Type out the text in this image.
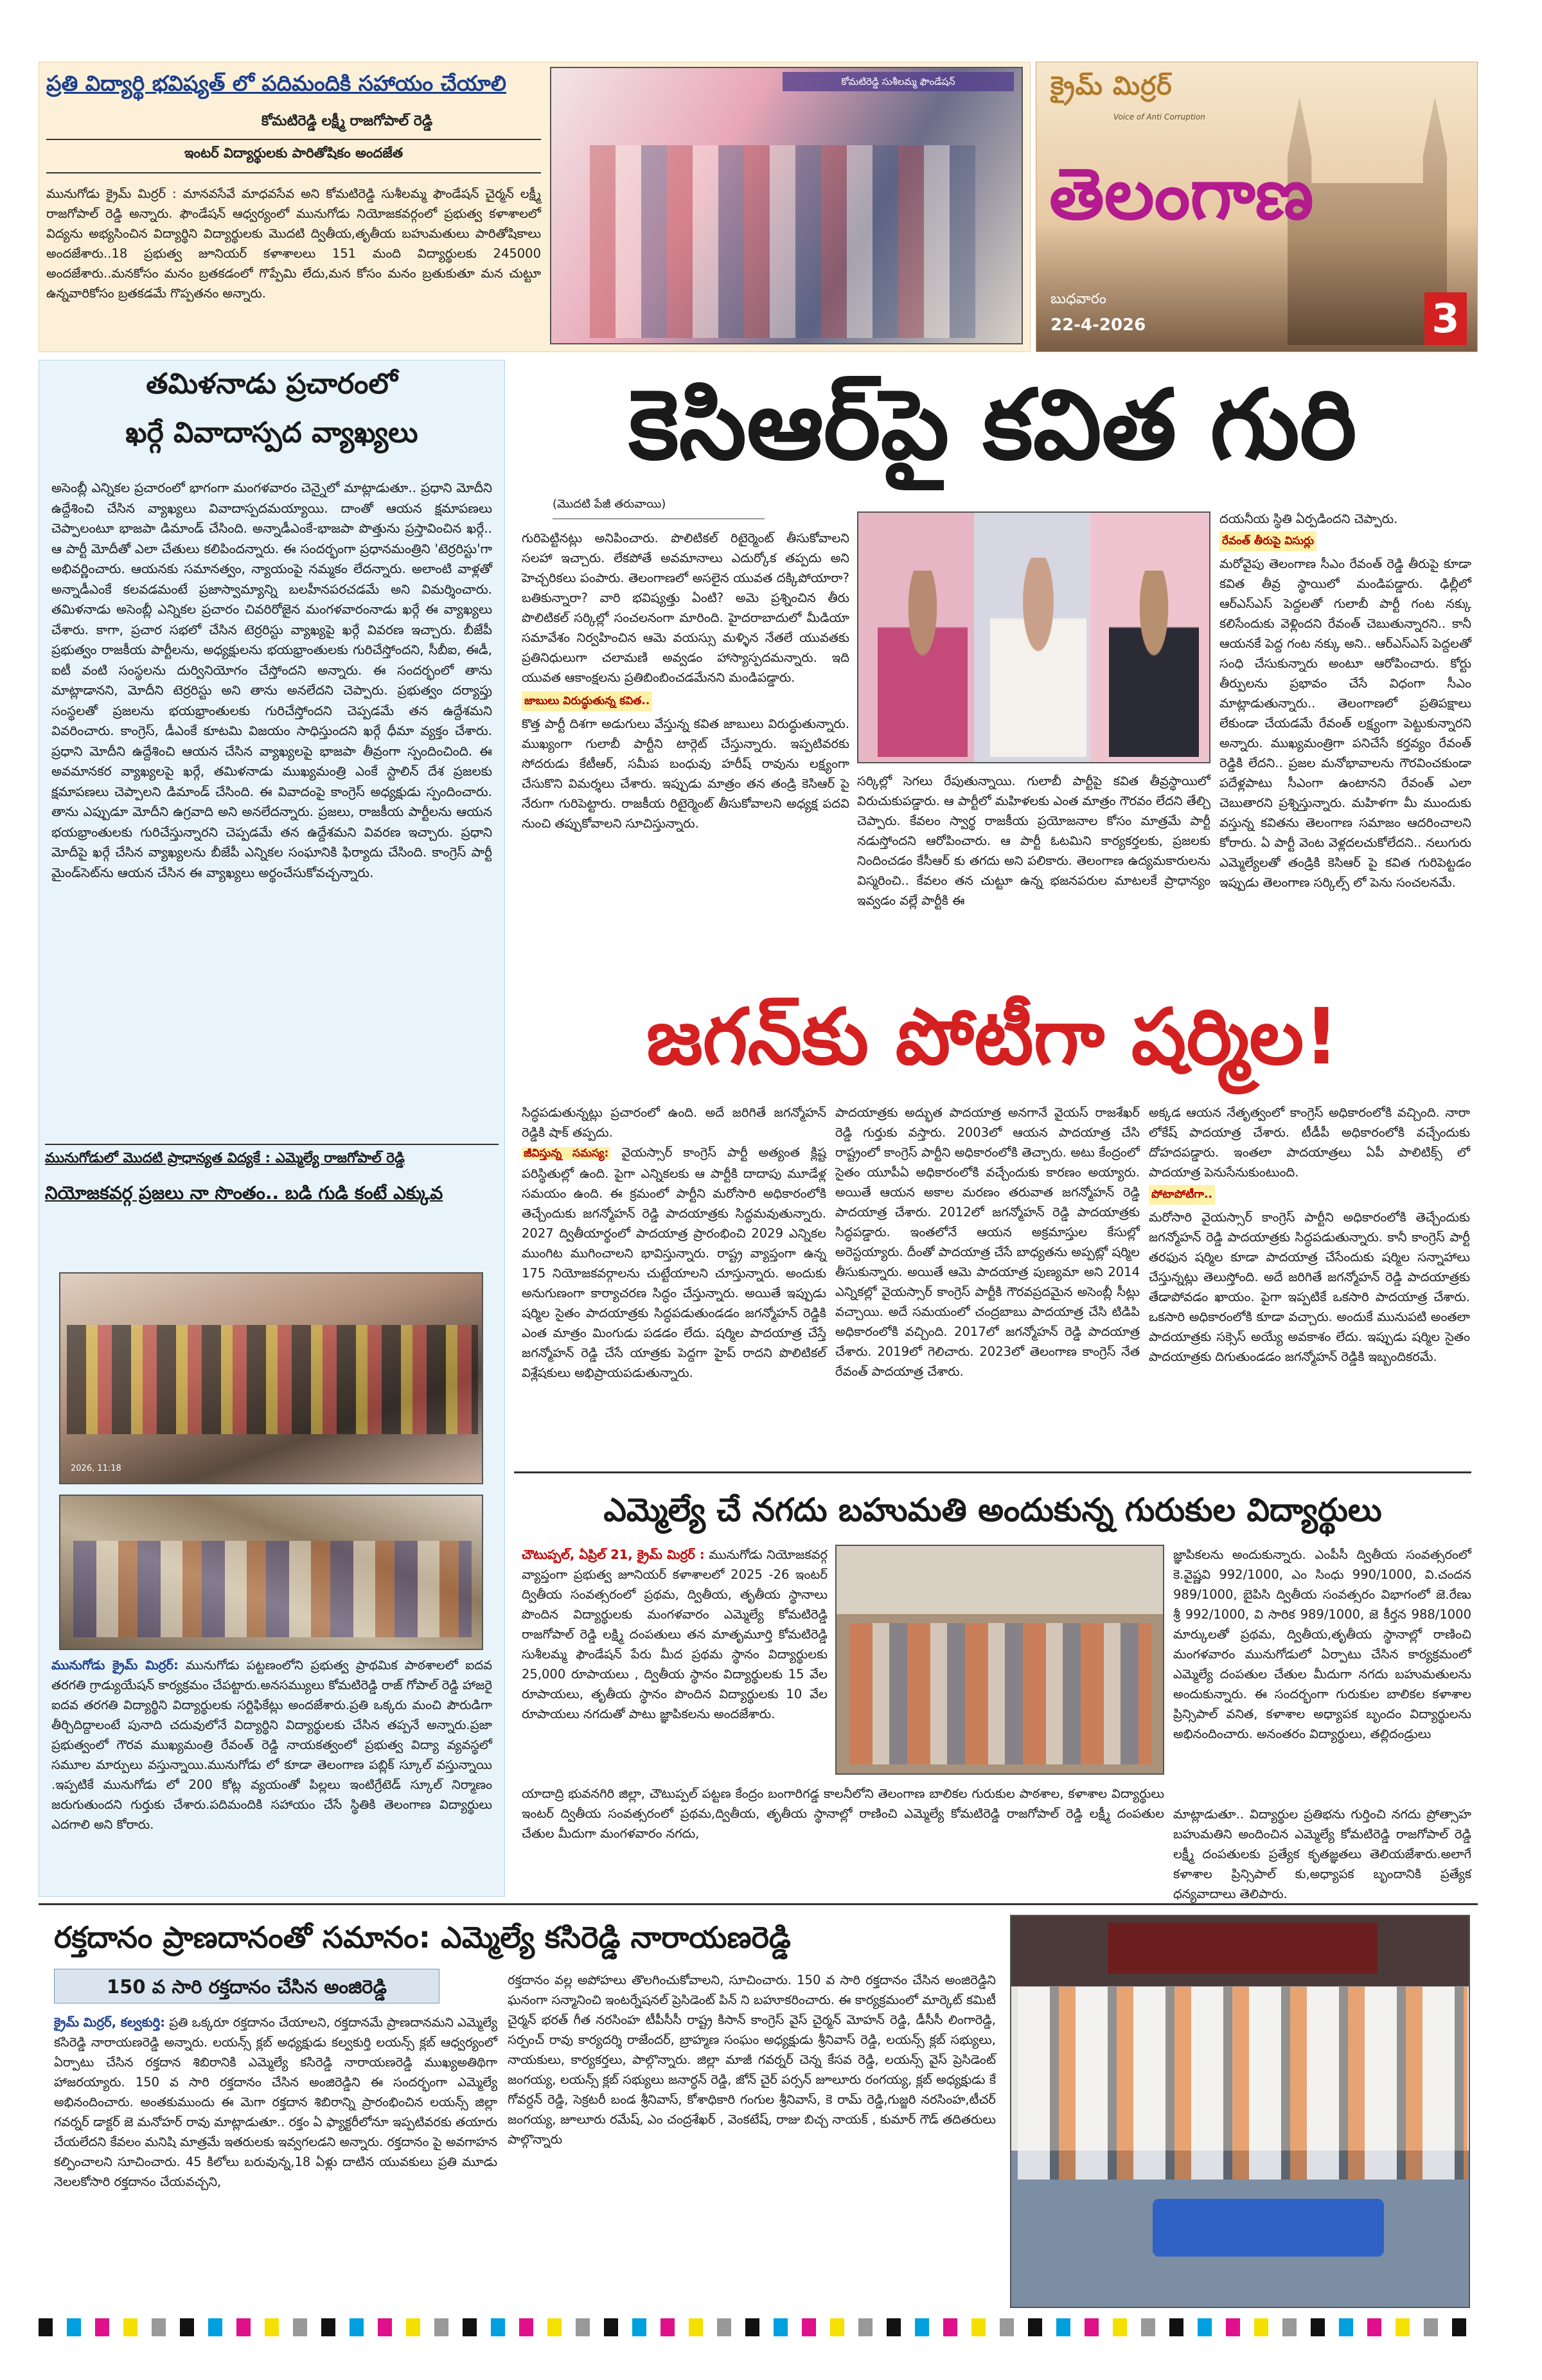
ప్రతి విద్యార్థి భవిష్యత్ లో పదిమందికి సహాయం చేయాలి
కోమటిరెడ్డి లక్ష్మీ రాజగోపాల్ రెడ్డి
ఇంటర్ విద్యార్థులకు పారితోషికం అందజేత
మునుగోడు క్రైమ్ మిర్రర్ : మానవసేవే మాధవసేవ అని కోమటిరెడ్డి సుశీలమ్మ ఫౌండేషన్ చైర్మన్ లక్ష్మీ రాజగోపాల్ రెడ్డి అన్నారు. ఫౌండేషన్ ఆధ్వర్యంలో మునుగోడు నియోజకవర్గంలో ప్రభుత్వ కళాశాలలో విద్యను అభ్యసించిన విద్యార్థిని విద్యార్థులకు మొదటి ద్వితీయ,తృతీయ బహుమతులు పారితోషికాలు అందజేశారు..18 ప్రభుత్వ జూనియర్ కళాశాలలు 151 మంది విద్యార్థులకు 245000 అందజేశారు..మనకోసం మనం బ్రతకడంలో గొప్పేమి లేదు,మన కోసం మనం బ్రతుకుతూ మన చుట్టూ ఉన్నవారికోసం బ్రతకడమే గొప్పతనం అన్నారు.
కోమటిరెడ్డి సుశీలమ్మ ఫౌండేషన్	క్రైమ్ మిర్రర్
Voice of Anti Corruption
తెలంగాణ
బుధవారం
22-4-2026	3
తమిళనాడు ప్రచారంలో
ఖర్గే వివాదాస్పద వ్యాఖ్యలు
అసెంబ్లీ ఎన్నికల ప్రచారంలో భాగంగా మంగళవారం చెన్నైలో మాట్లాడుతూ.. ప్రధాని మోదీని ఉద్దేశించి చేసిన వ్యాఖ్యలు వివాదాస్పదమయ్యాయి. దాంతో ఆయన క్షమాపణలు చెప్పాలంటూ భాజపా డిమాండ్ చేసింది. అన్నాడీఎంకే-భాజపా పొత్తును ప్రస్తావించిన ఖర్గే.. ఆ పార్టీ మోదీతో ఎలా చేతులు కలిపిందన్నారు. ఈ సందర్భంగా ప్రధానమంత్రిని 'టెర్రరిస్టు'గా అభివర్ణించారు. ఆయనకు సమానత్వం, న్యాయంపై నమ్మకం లేదన్నారు. అలాంటి వాళ్లతో అన్నాడీఎంకే కలవడమంటే ప్రజాస్వామ్యాన్ని బలహీనపరచడమే అని విమర్శించారు. తమిళనాడు అసెంబ్లీ ఎన్నికల ప్రచారం చివరిరోజైన మంగళవారంనాడు ఖర్గే ఈ వ్యాఖ్యలు చేశారు. కాగా, ప్రచార సభలో చేసిన టెర్రరిస్టు వ్యాఖ్యపై ఖర్గే వివరణ ఇచ్చారు. బీజేపీ ప్రభుత్వం రాజకీయ పార్టీలను, అధ్యక్షులను భయభ్రాంతులకు గురిచేస్తోందని, సీబీఐ, ఈడీ, ఐటీ వంటి సంస్థలను దుర్వినియోగం చేస్తోందని అన్నారు. ఈ సందర్భంలో తాను మాట్లాడానని, మోదీని టెర్రరిస్టు అని తాను అనలేదని చెప్పారు. ప్రభుత్వం దర్యాప్తు సంస్థలతో ప్రజలను భయభ్రాంతులకు గురిచేస్తోందని చెప్పడమే తన ఉద్దేశమని వివరించారు. కాంగ్రెస్, డీఎంకే కూటమి విజయం సాధిస్తుందని ఖర్గే ధీమా వ్యక్తం చేశారు. ప్రధాని మోదీని ఉద్దేశించి ఆయన చేసిన వ్యాఖ్యలపై భాజపా తీవ్రంగా స్పందించింది. ఈ అవమానకర వ్యాఖ్యలపై ఖర్గే, తమిళనాడు ముఖ్యమంత్రి ఎంకే స్టాలిన్ దేశ ప్రజలకు క్షమాపణలు చెప్పాలని డిమాండ్ చేసింది. ఈ వివాదంపై కాంగ్రెస్ అధ్యక్షుడు స్పందించారు. తాను ఎప్పుడూ మోదీని ఉగ్రవాది అని అనలేదన్నారు. ప్రజలు, రాజకీయ పార్టీలను ఆయన భయభ్రాంతులకు గురిచేస్తున్నారని చెప్పడమే తన ఉద్దేశమని వివరణ ఇచ్చారు. ప్రధాని మోదీపై ఖర్గే చేసిన వ్యాఖ్యలను బీజేపీ ఎన్నికల సంఘానికి ఫిర్యాదు చేసింది. కాంగ్రెస్ పార్టీ మైండ్‌సెట్‌ను ఆయన చేసిన ఈ వ్యాఖ్యలు అర్థంచేసుకోవచ్చన్నారు.
మునుగోడులో మొదటి ప్రాధాన్యత విద్యకే : ఎమ్మెల్యే రాజగోపాల్ రెడ్డి
నియోజకవర్గ ప్రజలు నా సొంతం.. బడి గుడి కంటే ఎక్కువ
2026, 11:18
మునుగోడు క్రైమ్ మిర్రర్: మునుగోడు పట్టణంలోని ప్రభుత్వ ప్రాథమిక పాఠశాలలో ఐదవ తరగతి గ్రాడ్యుయేషన్ కార్యక్రమం చేపట్టారు.అనసమ్యులు కోమటిరెడ్డి రాజ్ గోపాల్ రెడ్డి హాజరై ఐదవ తరగతి విద్యార్థిని విద్యార్థులకు సర్టిఫికేట్లు అందజేశారు.ప్రతి ఒక్కరు మంచి పౌరుడిగా తీర్చిదిద్దాలంటే పునాది చదువులోనే విద్యార్థిని విద్యార్థులకు చేసిన తప్పనే అన్నారు.ప్రజా ప్రభుత్వంలో గౌరవ ముఖ్యమంత్రి రేవంత్ రెడ్డి నాయకత్వంలో ప్రభుత్వ విద్యా వ్యవస్థలో సమూల మార్పులు వస్తున్నాయి.మునుగోడు లో కూడా తెలంగాణ పబ్లిక్ స్కూల్ వస్తున్నాయి .ఇప్పటికే మునుగోడు లో 200 కోట్ల వ్యయంతో పిల్లలు ఇంటిగ్రేటెడ్ స్కూల్ నిర్మాణం జరుగుతుందని గుర్తుకు చేశారు.పదిమందికి సహాయం చేసే స్థితికి తెలంగాణ విద్యార్థులు ఎదగాలి అని కోరారు.
కెసిఆర్‌పై కవిత గురి
(మొదటి పేజీ తరువాయి)
గురిపెట్టినట్లు అనిపించారు. పొలిటికల్ రిటైర్మెంట్ తీసుకోవాలని సలహా ఇచ్చారు. లేకపోతే అవమానాలు ఎదుర్కోక తప్పదు అని హెచ్చరికలు పంపారు. తెలంగాణలో అసలైన యువత దక్కిపోయారా? బతికున్నారా? వారి భవిష్యత్తు ఏంటి? అమె ప్రశ్నించిన తీరు పొలిటికల్ సర్కిల్లో సంచలనంగా మారింది. హైదరాబాదులో మీడియా సమావేశం నిర్వహించిన ఆమె వయస్సు మళ్ళిన నేతలే యువతకు ప్రతినిధులుగా చలామణి అవ్వడం హాస్యాస్పదమన్నారు. ఇది యువత ఆకాంక్షలను ప్రతిబింబించడమేనని మండిపడ్డారు.
జాబులు విరుద్ధుతున్న కవిత..
కొత్త పార్టీ దిశగా అడుగులు వేస్తున్న కవిత జాబులు విరుద్ధుతున్నారు. ముఖ్యంగా గులాబీ పార్టీని టార్గెట్ చేస్తున్నారు. ఇప్పటివరకు సోదరుడు కేటీఆర్, సమీప బంధువు హరీష్ రావును లక్ష్యంగా చేసుకొని విమర్శలు చేశారు. ఇప్పుడు మాత్రం తన తండ్రి కెసిఆర్ పై నేరుగా గురిపెట్టారు. రాజకీయ రిటైర్మెంట్ తీసుకోవాలని అధ్యక్ష పదవి నుంచి తప్పుకోవాలని సూచిస్తున్నారు.
సర్కిల్లో సెగలు రేపుతున్నాయి. గులాబీ పార్టీపై కవిత తీవ్రస్థాయిలో విరుచుకుపడ్డారు. ఆ పార్టీలో మహిళలకు ఎంత మాత్రం గౌరవం లేదని తేల్చి చెప్పారు. కేవలం స్వార్థ రాజకీయ ప్రయోజనాల కోసం మాత్రమే పార్టీ నడుస్తోందని ఆరోపించారు. ఆ పార్టీ ఓటమిని కార్యకర్తలకు, ప్రజలకు నిందించడం కేసీఆర్ కు తగదు అని పలికారు. తెలంగాణ ఉద్యమకారులను విస్మరించి.. కేవలం తన చుట్టూ ఉన్న భజనపరుల మాటలకే ప్రాధాన్యం ఇవ్వడం వల్లే పార్టీకి ఈ
దయనీయ స్థితి ఏర్పడిందని చెప్పారు.
రేవంత్ తీరుపై విసుర్లు
మరోవైపు తెలంగాణ సీఎం రేవంత్ రెడ్డి తీరుపై కూడా కవిత తీవ్ర స్థాయిలో మండిపడ్డారు. ఢిల్లీలో ఆర్ఎస్ఎస్ పెద్దలతో గులాబీ పార్టీ గంట నక్కు కలిసేందుకు వెళ్లిందని రేవంత్ చెబుతున్నారని.. కానీ ఆయనకే పెద్ద గంట నక్కు అని.. ఆర్ఎస్ఎస్ పెద్దలతో సంధి చేసుకున్నారు అంటూ ఆరోపించారు. కోర్టు తీర్పులను ప్రభావం చేసే విధంగా సీఎం మాట్లాడుతున్నారు.. తెలంగాణలో ప్రతిపక్షాలు లేకుండా చేయడమే రేవంత్ లక్ష్యంగా పెట్టుకున్నారని అన్నారు. ముఖ్యమంత్రిగా పనిచేసే కర్తవ్యం రేవంత్ రెడ్డికి లేదని.. ప్రజల మనోభావాలను గౌరవించకుండా పదేళ్లపాటు సీఎంగా ఉంటానని రేవంత్ ఎలా చెబుతారని ప్రశ్నిస్తున్నారు. మహిళగా మీ ముందుకు వస్తున్న కవితను తెలంగాణ సమాజం ఆదరించాలని కోరారు. ఏ పార్టీ వెంట వెళ్లదలచుకోలేదని.. నలుగురు ఎమ్మెల్యేలతో తండ్రికి కెసిఆర్ పై కవిత గురిపెట్టడం ఇప్పుడు తెలంగాణ సర్కిల్స్ లో పెను సంచలనమే.
జగన్‌కు పోటీగా షర్మిల!
సిద్ధపడుతున్నట్లు ప్రచారంలో ఉంది. అదే జరిగితే జగన్మోహన్ రెడ్డికి షాక్ తప్పదు.
జీవిస్తున్న సమస్య: వైయస్సార్ కాంగ్రెస్ పార్టీ అత్యంత క్లిష్ట పరిస్థితుల్లో ఉంది. పైగా ఎన్నికలకు ఆ పార్టీకి దాదాపు మూడేళ్ల సమయం ఉంది. ఈ క్రమంలో పార్టీని మరోసారి అధికారంలోకి తెచ్చేందుకు జగన్మోహన్ రెడ్డి పాదయాత్రకు సిద్ధమవుతున్నారు. 2027 ద్వితీయార్థంలో పాదయాత్ర ప్రారంభించి 2029 ఎన్నికల ముంగిట ముగించాలని భావిస్తున్నారు. రాష్ట్ర వ్యాప్తంగా ఉన్న 175 నియోజకవర్గాలను చుట్టేయాలని చూస్తున్నారు. అందుకు అనుగుణంగా కార్యాచరణ సిద్ధం చేస్తున్నారు. అయితే ఇప్పుడు షర్మిల సైతం పాదయాత్రకు సిద్ధపడుతుండడం జగన్మోహన్ రెడ్డికి ఎంత మాత్రం మింగుడు పడడం లేదు. షర్మిల పాదయాత్ర చేస్తే జగన్మోహన్ రెడ్డి చేసే యాత్రకు పెద్దగా హైప్ రాదని పొలిటికల్ విశ్లేషకులు అభిప్రాయపడుతున్నారు.
పాదయాత్రకు అద్భుత పాదయాత్ర అనగానే వైయస్ రాజశేఖర్ రెడ్డి గుర్తుకు వస్తారు. 2003లో ఆయన పాదయాత్ర చేసి రాష్ట్రంలో కాంగ్రెస్ పార్టీని అధికారంలోకి తెచ్చారు. అటు కేంద్రంలో సైతం యూపీఏ అధికారంలోకి వచ్చేందుకు కారణం అయ్యారు. అయితే ఆయన అకాల మరణం తరువాత జగన్మోహన్ రెడ్డి పాదయాత్ర చేశారు. 2012లో జగన్మోహన్ రెడ్డి పాదయాత్రకు సిద్ధపడ్డారు. ఇంతలోనే ఆయన అక్రమాస్తుల కేసుల్లో అరెస్టయ్యారు. దీంతో పాదయాత్ర చేసే బాధ్యతను అప్పట్లో షర్మిల తీసుకున్నారు. అయితే ఆమె పాదయాత్ర పుణ్యమా అని 2014 ఎన్నికల్లో వైయస్సార్ కాంగ్రెస్ పార్టీకి గౌరవప్రదమైన అసెంబ్లీ సీట్లు వచ్చాయి. అదే సమయంలో చంద్రబాబు పాదయాత్ర చేసి టిడిపి అధికారంలోకి వచ్చింది. 2017లో జగన్మోహన్ రెడ్డి పాదయాత్ర చేశారు. 2019లో గెలిచారు. 2023లో తెలంగాణ కాంగ్రెస్ నేత రేవంత్ పాదయాత్ర చేశారు.
అక్కడ ఆయన నేతృత్వంలో కాంగ్రెస్ అధికారంలోకి వచ్చింది. నారా లోకేష్ పాదయాత్ర చేశారు. టీడీపీ అధికారంలోకి వచ్చేందుకు దోహదపడ్డారు. ఇంతలా పాదయాత్రలు ఏపీ పాలిటిక్స్ లో పాదయాత్ర పెనుసేనుకుంటుంది.
పోటాపోటీగా..
మరోసారి వైయస్సార్ కాంగ్రెస్ పార్టీని అధికారంలోకి తెచ్చేందుకు జగన్మోహన్ రెడ్డి పాదయాత్రకు సిద్ధపడుతున్నారు. కానీ కాంగ్రెస్ పార్టీ తరఫున షర్మిల కూడా పాదయాత్ర చేసేందుకు షర్మిల సన్నాహాలు చేస్తున్నట్లు తెలుస్తోంది. అదే జరిగితే జగన్మోహన్ రెడ్డి పాదయాత్రకు తేడాపోవడం ఖాయం. పైగా ఇప్పటికే ఒకసారి పాదయాత్ర చేశారు. ఒకసారి అధికారంలోకి కూడా వచ్చారు. అందుకే మునుపటి అంతలా పాదయాత్రకు సక్సెస్ అయ్యే అవకాశం లేదు. ఇప్పుడు షర్మిల సైతం పాదయాత్రకు దిగుతుండడం జగన్మోహన్ రెడ్డికి ఇబ్బందికరమే.
ఎమ్మెల్యే చే నగదు బహుమతి అందుకున్న గురుకుల విద్యార్థులు
చౌటుప్పల్, ఏప్రిల్ 21, క్రైమ్ మిర్రర్ : మునుగోడు నియోజకవర్గ వ్యాప్తంగా ప్రభుత్వ జూనియర్ కళాశాలలో 2025 -26 ఇంటర్ ద్వితీయ సంవత్సరంలో ప్రథమ, ద్వితీయ, తృతీయ స్థానాలు పొందిన విద్యార్థులకు మంగళవారం ఎమ్మెల్యే కోమటిరెడ్డి రాజగోపాల్ రెడ్డి లక్ష్మి దంపతులు తన మాతృమూర్తి కోమటిరెడ్డి సుశీలమ్మ ఫౌండేషన్ పేరు మీద ప్రథమ స్థానం విద్యార్థులకు 25,000 రూపాయలు , ద్వితీయ స్థానం విద్యార్థులకు 15 వేల రూపాయలు, తృతీయ స్థానం పొందిన విద్యార్థులకు 10 వేల రూపాయలు నగదుతో పాటు జ్ఞాపికలను అందజేశారు.
జ్ఞాపికలను అందుకున్నారు. ఎంపీసీ ద్వితీయ సంవత్సరంలో కె.వైష్ణవి 992/1000, ఎం సింధు 990/1000, వి.చందన 989/1000, బైపిసి ద్వితీయ సంవత్సరం విభాగంలో జె.రేణు శ్రీ 992/1000, వి సారిక 989/1000, జె కీర్తన 988/1000 మార్కులతో ప్రథమ, ద్వితీయ,తృతీయ స్థానాల్లో రాణించి మంగళవారం మునుగోడులో ఏర్పాటు చేసిన కార్యక్రమంలో ఎమ్మెల్యే దంపతుల చేతుల మీదుగా నగదు బహుమతులను అందుకున్నారు. ఈ సందర్భంగా గురుకుల బాలికల కళాశాల ప్రిన్సిపాల్ వనిత, కళాశాల అధ్యాపక బృందం విద్యార్థులను అభినందించారు. అనంతరం విద్యార్థులు, తల్లిదండ్రులు
యాదాద్రి భువనగిరి జిల్లా, చౌటుప్పల్ పట్టణ కేంద్రం బంగారిగడ్డ కాలనీలోని తెలంగాణ బాలికల గురుకుల పాఠశాల, కళాశాల విద్యార్థులు ఇంటర్ ద్వితీయ సంవత్సరంలో ప్రథమ,ద్వితీయ, తృతీయ స్థానాల్లో రాణించి ఎమ్మెల్యే కోమటిరెడ్డి రాజగోపాల్ రెడ్డి లక్ష్మీ దంపతుల చేతుల మీదుగా మంగళవారం నగదు,
మాట్లాడుతూ.. విద్యార్థుల ప్రతిభను గుర్తించి నగదు ప్రోత్సాహ బహుమతిని అందించిన ఎమ్మెల్యే కోమటిరెడ్డి రాజగోపాల్ రెడ్డి లక్ష్మీ దంపతులకు ప్రత్యేక కృతజ్ఞతలు తెలియజేశారు.అలాగే కళాశాల ప్రిన్సిపాల్ కు,అధ్యాపక బృందానికి ప్రత్యేక ధన్యవాదాలు తెలిపారు.
రక్తదానం ప్రాణదానంతో సమానం: ఎమ్మెల్యే కసిరెడ్డి నారాయణరెడ్డి
150 వ సారి రక్తదానం చేసిన అంజిరెడ్డి
క్రైమ్ మిర్రర్, కల్వకుర్తి: ప్రతి ఒక్కరూ రక్తదానం చేయాలని, రక్తదానమే ప్రాణదానమని ఎమ్మెల్యే కసిరెడ్డి నారాయణరెడ్డి అన్నారు. లయన్స్ క్లబ్ అధ్యక్షుడు కల్వకుర్తి లయన్స్ క్లబ్ ఆధ్వర్యంలో ఏర్పాటు చేసిన రక్తదాన శిబిరానికి ఎమ్మెల్యే కసిరెడ్డి నారాయణరెడ్డి ముఖ్యఅతిథిగా హాజరయ్యారు. 150 వ సారి రక్తదానం చేసిన అంజిరెడ్డిని ఈ సందర్భంగా ఎమ్మెల్యే అభినందించారు. అంతకుముందు ఈ మెగా రక్తదాన శిబిరాన్ని ప్రారంభించిన లయన్స్ జిల్లా గవర్నర్ డాక్టర్ జె మనోహర్ రావు మాట్లాడుతూ.. రక్తం ఏ ఫ్యాక్టరీలోనూ ఇప్పటివరకు తయారు చేయలేదని కేవలం మనిషి మాత్రమే ఇతరులకు ఇవ్వగలడని అన్నారు. రక్తదానం పై అవగాహన కల్పించాలని సూచించారు. 45 కిలోలు బరువున్న,18 ఏళ్లు దాటిన యువకులు ప్రతి మూడు నెలలకోసారి రక్తదానం చేయవచ్చని,
రక్తదానం వల్ల అపోహలు తొలగించుకోవాలని, సూచించారు. 150 వ సారి రక్తదానం చేసిన అంజిరెడ్డిని ఘనంగా సన్మానించి ఇంటర్నేషనల్ ప్రెసిడెంట్ పిన్ ని బహూకరించారు. ఈ కార్యక్రమంలో మార్కెట్ కమిటీ చైర్మన్ భరత్ గీత నరసింహ టీపీసీసీ రాష్ట్ర కిసాన్ కాంగ్రెస్ వైస్ చైర్మన్ మోహన్ రెడ్డి, డీసీసీ లింగారెడ్డి, సర్పంచ్ రావు కార్యదర్శి రాజేందర్, బ్రాహ్మణ సంఘం అధ్యక్షుడు శ్రీనివాస్ రెడ్డి, లయన్స్ క్లబ్ సభ్యులు, నాయకులు, కార్యకర్తలు, పాల్గొన్నారు. జిల్లా మాజీ గవర్నర్ చెన్న కేసవ రెడ్డి, లయన్స్ వైస్ ప్రెసిడెంట్ జంగయ్య, లయన్స్ క్లబ్ సభ్యులు జనార్ధన్ రెడ్డి, జోన్ చైర్ పర్సన్ జూలూరు రంగయ్య, క్లబ్ అధ్యక్షుడు కే గోవర్దన్ రెడ్డి, సెక్రటరీ బండ శ్రీనివాస్, కోశాధికారి గంగుల శ్రీనివాస్, కె రామ్ రెడ్డి,గుజ్జరి నరసింహ,టీచర్ జంగయ్య, జూలూరు రమేష్, ఎం చంద్రశేఖర్ , వెంకటేష్, రాజు బిచ్చ నాయక్ , కుమార్ గౌడ్ తదితరులు పాల్గొన్నారు
